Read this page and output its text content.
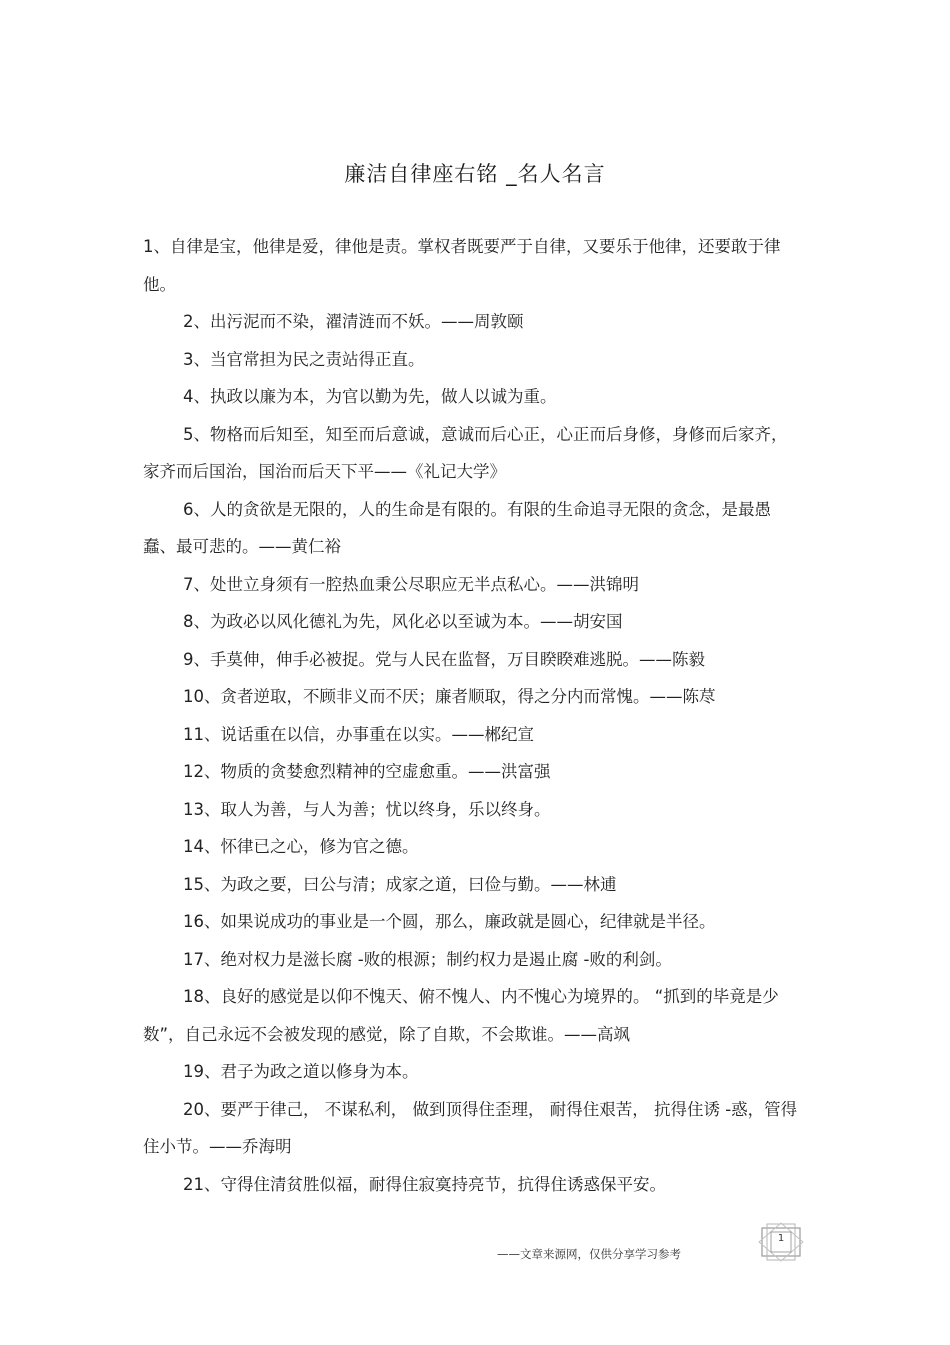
廉洁自律座右铭 _名人名言

1、自律是宝，他律是爱，律他是责。掌权者既要严于自律，又要乐于他律，还要敢于律他。

2、出污泥而不染，濯清涟而不妖。——周敦颐

3、当官常担为民之责站得正直。

4、执政以廉为本，为官以勤为先，做人以诚为重。

5、物格而后知至，知至而后意诚，意诚而后心正，心正而后身修，身修而后家齐，家齐而后国治，国治而后天下平——《礼记大学》

6、人的贪欲是无限的，人的生命是有限的。有限的生命追寻无限的贪念，是最愚蠢、最可悲的。——黄仁裕

7、处世立身须有一腔热血秉公尽职应无半点私心。——洪锦明

8、为政必以风化德礼为先，风化必以至诚为本。——胡安国

9、手莫伸，伸手必被捉。党与人民在监督，万目睽睽难逃脱。——陈毅

10、贪者逆取，不顾非义而不厌；廉者顺取，得之分内而常愧。——陈荩

11、说话重在以信，办事重在以实。——郴纪宣

12、物质的贪婪愈烈精神的空虚愈重。——洪富强

13、取人为善，与人为善；忧以终身，乐以终身。

14、怀律已之心，修为官之德。

15、为政之要，曰公与清；成家之道，曰俭与勤。——林逋

16、如果说成功的事业是一个圆，那么，廉政就是圆心，纪律就是半径。

17、绝对权力是滋长腐 -败的根源；制约权力是遏止腐 -败的利剑。

18、良好的感觉是以仰不愧天、俯不愧人、内不愧心为境界的。 “抓到的毕竟是少数”，自己永远不会被发现的感觉，除了自欺，不会欺谁。——高飒

19、君子为政之道以修身为本。

20、要严于律己， 不谋私利， 做到顶得住歪理， 耐得住艰苦， 抗得住诱 -惑，管得住小节。——乔海明

21、守得住清贫胜似福，耐得住寂寞持亮节，抗得住诱惑保平安。

——文章来源网，仅供分享学习参考
1
